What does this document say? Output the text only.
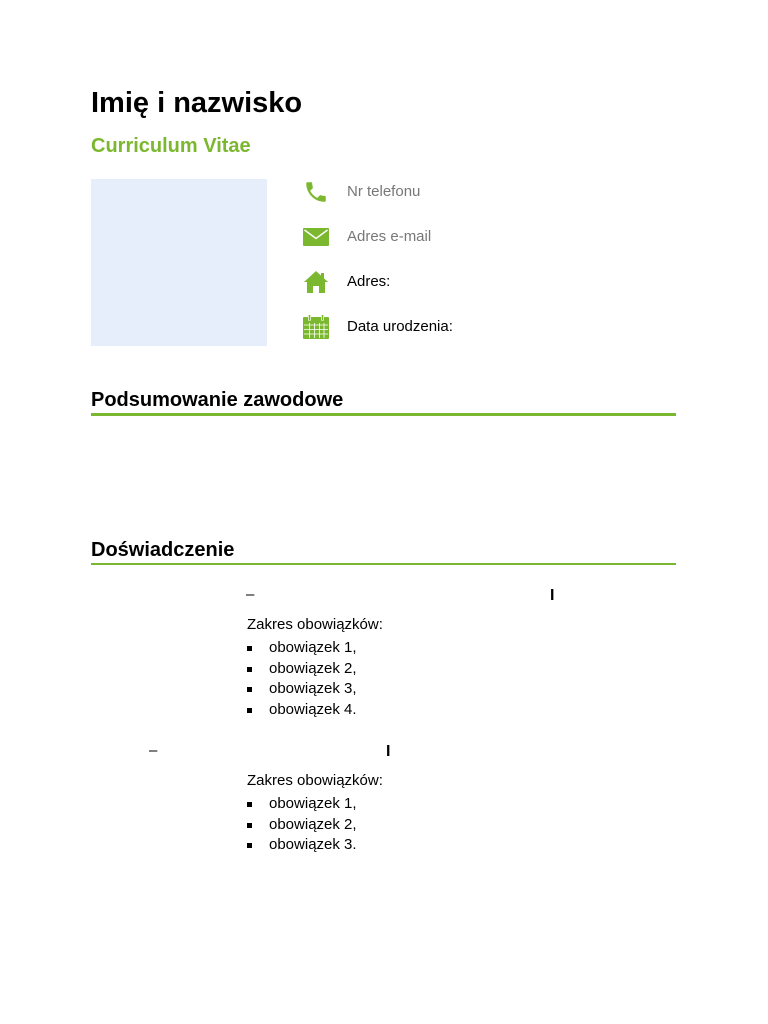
Imię i nazwisko
Curriculum Vitae
Nr telefonu
Adres e-mail
Adres:
Data urodzenia:
Podsumowanie zawodowe
Doświadczenie
–	I
Zakres obowiązków:
obowiązek 1,
obowiązek 2,
obowiązek 3,
obowiązek 4.
–	I
Zakres obowiązków:
obowiązek 1,
obowiązek 2,
obowiązek 3.
